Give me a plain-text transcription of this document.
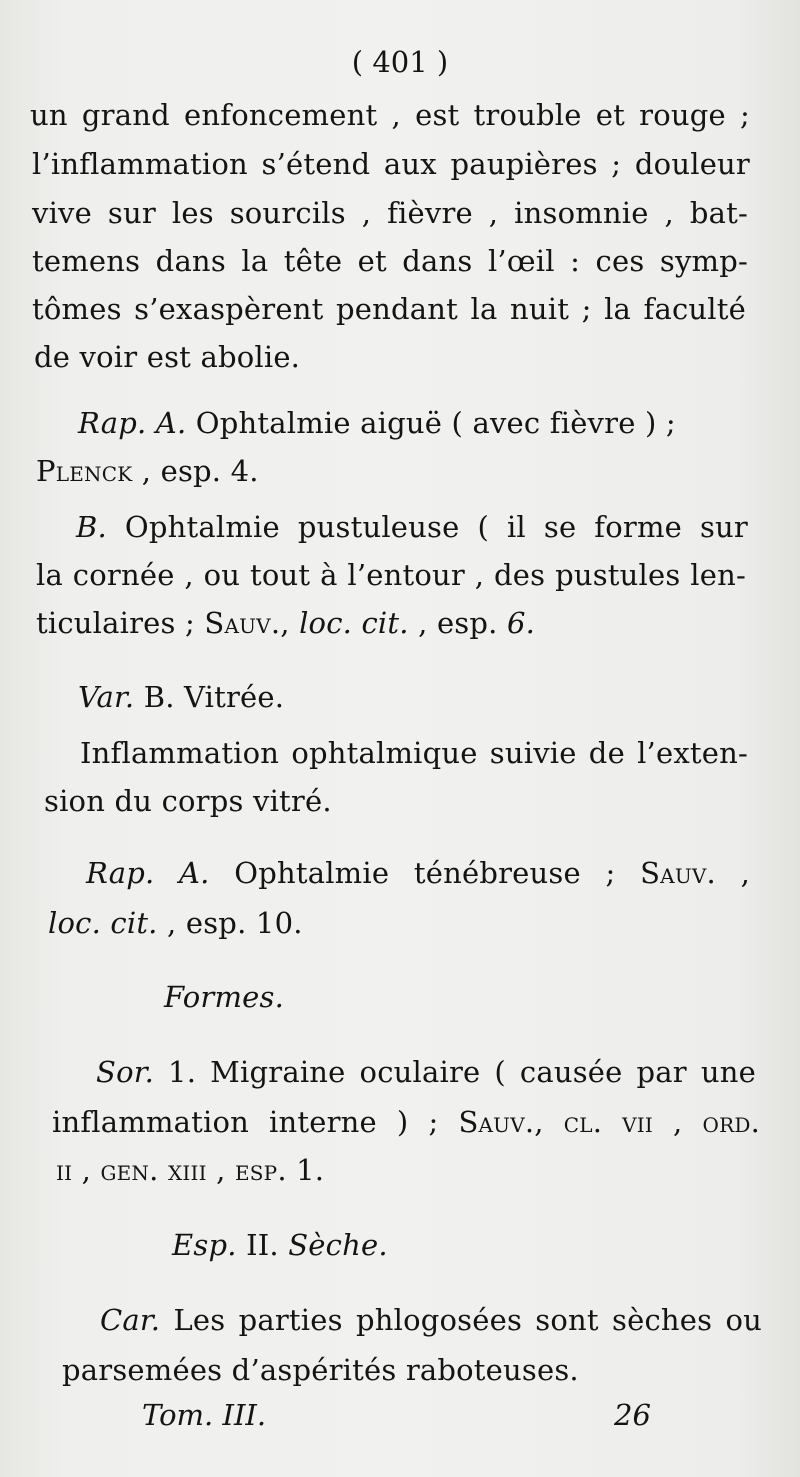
( 401 )
un grand enfoncement , est trouble et rouge ;
l’inflammation s’étend aux paupières ; douleur
vive sur les sourcils , fièvre , insomnie , bat-
temens dans la tête et dans l’œil : ces symp-
tômes s’exaspèrent pendant la nuit ; la faculté
de voir est abolie.
Rap. A. Ophtalmie aiguë ( avec fièvre ) ;
Plenck , esp. 4.
B. Ophtalmie pustuleuse ( il se forme sur
la cornée , ou tout à l’entour , des pustules len-
ticulaires ; Sauv., loc. cit. , esp. 6.
Var. B. Vitrée.
Inflammation ophtalmique suivie de l’exten-
sion du corps vitré.
Rap. A. Ophtalmie ténébreuse ; Sauv. ,
loc. cit. , esp. 10.
Formes.
Sor. 1. Migraine oculaire ( causée par une
inflammation interne ) ; Sauv., cl. vii , ord.
ii , gen. xiii , esp. 1.
Esp. II. Sèche.
Car. Les parties phlogosées sont sèches ou
parsemées d’aspérités raboteuses.
Tom. III.	26
